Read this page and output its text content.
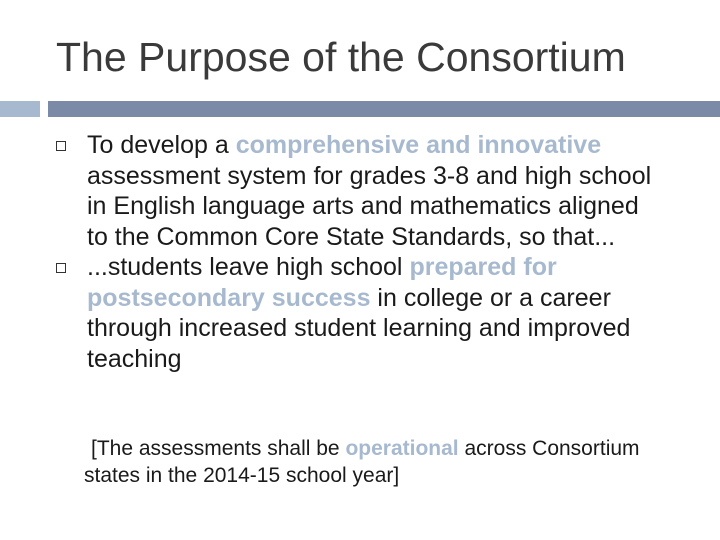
The Purpose of the Consortium
To develop a comprehensive and innovative assessment system for grades 3-8 and high school in English language arts and mathematics aligned to the Common Core State Standards, so that...
...students leave high school prepared for postsecondary success in college or a career through increased student learning and improved teaching
[The assessments shall be operational across Consortium states in the 2014-15 school year]
